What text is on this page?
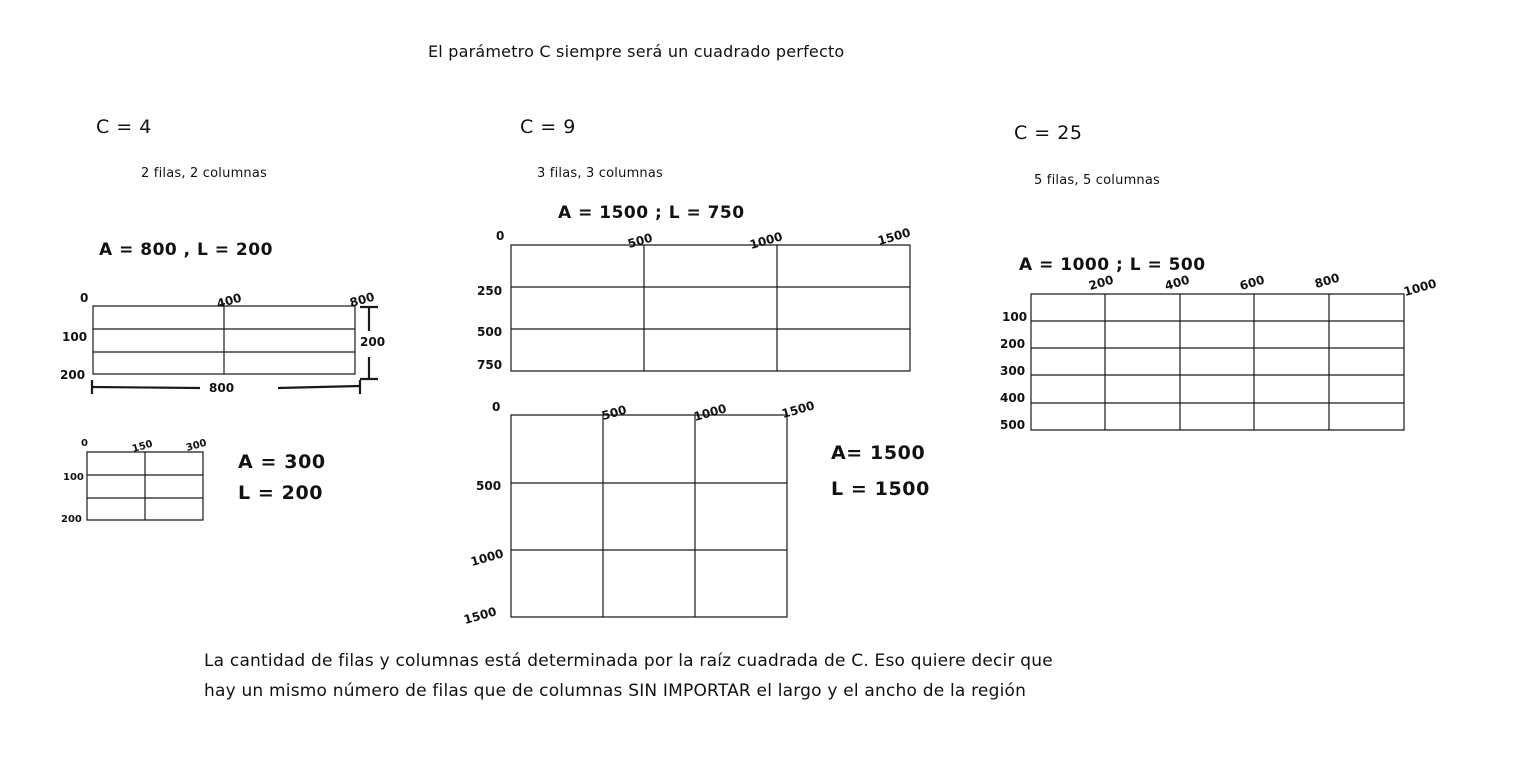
El parámetro C siempre será un cuadrado perfecto
C = 4
2 filas, 2 columnas
A = 800 , L = 200
0	400	800
100
200
800
200
0	150	300
100
200
A = 300
L = 200
C = 9
3 filas, 3 columnas
A = 1500 ; L = 750
0	500	1000	1500
250
500
750
0	500	1000	1500
500
1000
1500
A= 1500
L = 1500
C = 25
5 filas, 5 columnas
A = 1000 ; L = 500
200	400	600	800	1000
100
200
300
400
500
La cantidad de filas y columnas está determinada por la raíz cuadrada de C. Eso quiere decir que
hay un mismo número de filas que de columnas SIN IMPORTAR el largo y el ancho de la región
